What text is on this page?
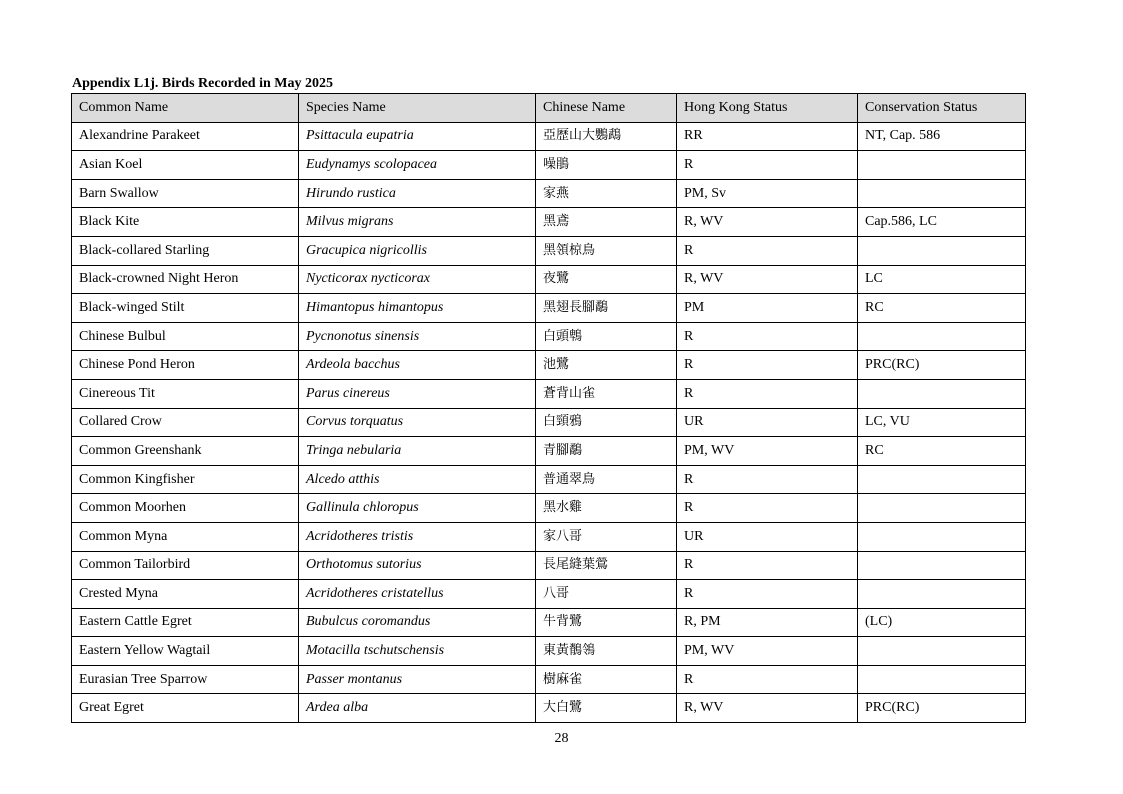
Appendix L1j. Birds Recorded in May 2025
Common Name	Species Name	Chinese Name	Hong Kong Status	Conservation Status
Alexandrine Parakeet	Psittacula eupatria	亞歷山大鸚鵡	RR	NT, Cap. 586
Asian Koel	Eudynamys scolopacea	噪鵑	R	
Barn Swallow	Hirundo rustica	家燕	PM, Sv	
Black Kite	Milvus migrans	黑鳶	R, WV	Cap.586, LC
Black-collared Starling	Gracupica nigricollis	黑領椋鳥	R	
Black-crowned Night Heron	Nycticorax nycticorax	夜鷺	R, WV	LC
Black-winged Stilt	Himantopus himantopus	黑翅長腳鷸	PM	RC
Chinese Bulbul	Pycnonotus sinensis	白頭鵯	R	
Chinese Pond Heron	Ardeola bacchus	池鷺	R	PRC(RC)
Cinereous Tit	Parus cinereus	蒼背山雀	R	
Collared Crow	Corvus torquatus	白頸鴉	UR	LC, VU
Common Greenshank	Tringa nebularia	青腳鷸	PM, WV	RC
Common Kingfisher	Alcedo atthis	普通翠鳥	R	
Common Moorhen	Gallinula chloropus	黑水雞	R	
Common Myna	Acridotheres tristis	家八哥	UR	
Common Tailorbird	Orthotomus sutorius	長尾縫葉鶯	R	
Crested Myna	Acridotheres cristatellus	八哥	R	
Eastern Cattle Egret	Bubulcus coromandus	牛背鷺	R, PM	(LC)
Eastern Yellow Wagtail	Motacilla tschutschensis	東黃鶺鴒	PM, WV	
Eurasian Tree Sparrow	Passer montanus	樹麻雀	R	
Great Egret	Ardea alba	大白鷺	R, WV	PRC(RC)
28
